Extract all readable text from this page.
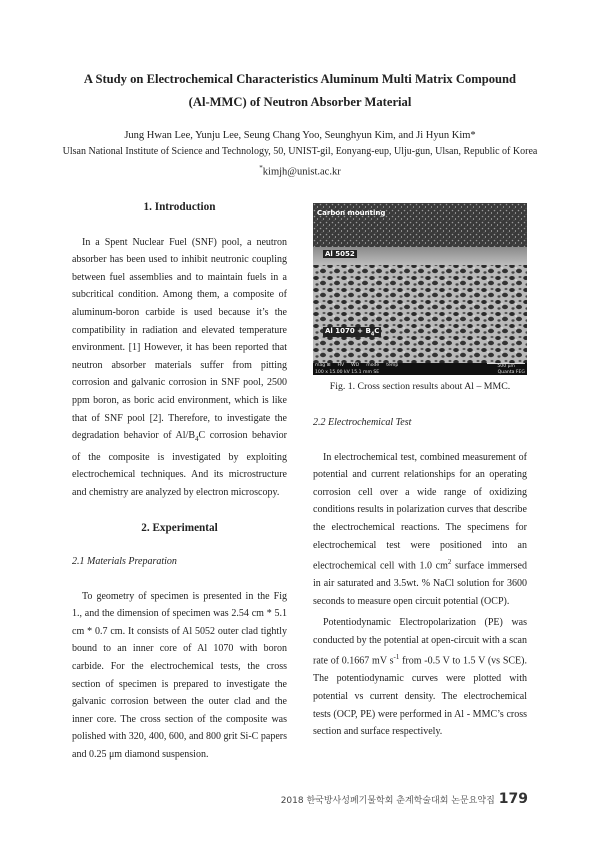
A Study on Electrochemical Characteristics Aluminum Multi Matrix Compound
(Al-MMC) of Neutron Absorber Material
Jung Hwan Lee, Yunju Lee, Seung Chang Yoo, Seunghyun Kim, and Ji Hyun Kim*
Ulsan National Institute of Science and Technology, 50, UNIST-gil, Eonyang-eup, Ulju-gun, Ulsan, Republic of Korea
*kimjh@unist.ac.kr
1. Introduction

In a Spent Nuclear Fuel (SNF) pool, a neutron absorber has been used to inhibit neutronic coupling between fuel assemblies and to maintain fuels in a subcritical condition. Among them, a composite of aluminum-boron carbide is used because it’s the compatibility in radiation and elevated temperature environment. [1] However, it has been reported that neutron absorber materials suffer from pitting corrosion and galvanic corrosion in SNF pool, 2500 ppm boron, as boric acid environment, which is like that of SNF pool [2]. Therefore, to investigate the degradation behavior of $Al/B_4C$ corrosion behavior of the composite is investigated by exploiting electrochemical techniques. And its microstructure and chemistry are analyzed by electron microscopy.

2. Experimental
2.1 Materials Preparation

To geometry of specimen is presented in the Fig 1., and the dimension of specimen was 2.54 cm * 5.1 cm * 0.7 cm. It consists of Al 5052 outer clad tightly bound to an inner core of Al 1070 with boron carbide. For the electrochemical tests, the cross section of specimen is prepared to investigate the galvanic corrosion between the outer clad and the inner core. The cross section of the composite was polished with 320, 400, 600, and 800 grit Si-C papers and 0.25 μm diamond suspension.

Carbon mounting
Al 5052
Al $1070 + B_4C$
mag ⊞ HV WD mode temp	500 μm
100 x 15.00 kV 15.1 mm SE	Quanta FEG
Fig. 1. Cross section results about Al – MMC.
2.2 Electrochemical Test

In electrochemical test, combined measurement of potential and current relationships for an operating corrosion cell over a wide range of oxidizing conditions results in polarization curves that describe the electrochemical reactions. The specimens for electrochemical test were positioned into an electrochemical cell with 1.0 $cm^2$ surface immersed in air saturated and 3.5wt. % NaCl solution for 3600 seconds to measure open circuit potential (OCP).

Potentiodynamic Electropolarization (PE) was conducted by the potential at open-circuit with a scan rate of 0.1667 mV $s^{-1}$ from -0.5 V to 1.5 V (vs SCE). The potentiodynamic curves were plotted with potential vs current density. The electrochemical tests (OCP, PE) were performed in Al - MMC’s cross section and surface respectively.

2018 한국방사성폐기물학회 춘계학술대회 논문요약집 179
